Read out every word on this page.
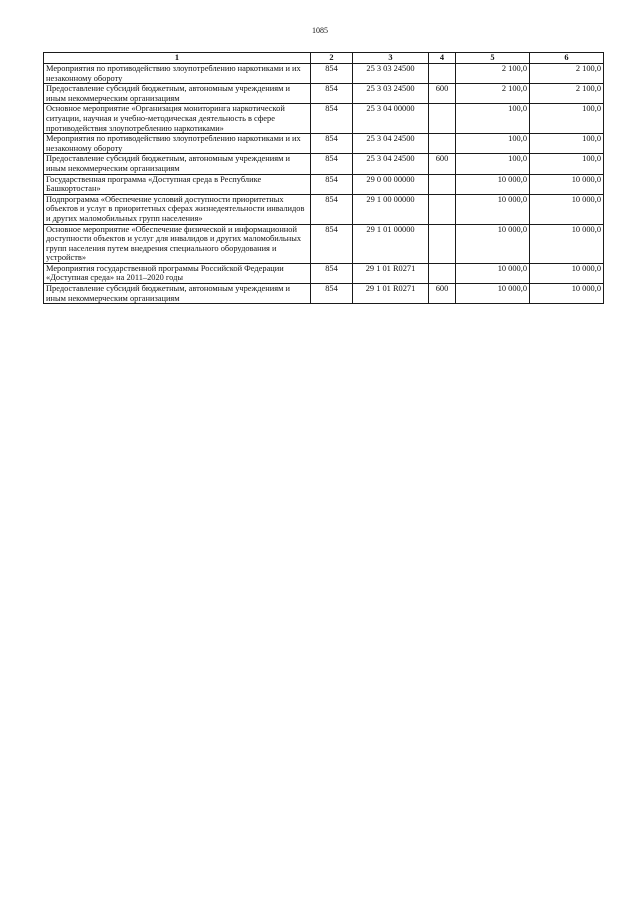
1085
1	2	3	4	5	6
Мероприятия по противодействию злоупотреблению наркотиками и их незаконному обороту	854	25 3 03 24500		2 100,0	2 100,0
Предоставление субсидий бюджетным, автономным учреждениям и иным некоммерческим организациям	854	25 3 03 24500	600	2 100,0	2 100,0
Основное мероприятие «Организация мониторинга наркотической ситуации, научная и учебно-методическая деятельность в сфере противодействия злоупотреблению наркотиками»	854	25 3 04 00000		100,0	100,0
Мероприятия по противодействию злоупотреблению наркотиками и их незаконному обороту	854	25 3 04 24500		100,0	100,0
Предоставление субсидий бюджетным, автономным учреждениям и иным некоммерческим организациям	854	25 3 04 24500	600	100,0	100,0
Государственная программа «Доступная среда в Республике Башкортостан»	854	29 0 00 00000		10 000,0	10 000,0
Подпрограмма «Обеспечение условий доступности приоритетных объектов и услуг в приоритетных сферах жизнедеятельности инвалидов и других маломобильных групп населения»	854	29 1 00 00000		10 000,0	10 000,0
Основное мероприятие «Обеспечение физической и информационной доступности объектов и услуг для инвалидов и других маломобильных групп населения путем внедрения специального оборудования и устройств»	854	29 1 01 00000		10 000,0	10 000,0
Мероприятия государственной программы Российской Федерации «Доступная среда» на 2011–2020 годы	854	29 1 01 R0271		10 000,0	10 000,0
Предоставление субсидий бюджетным, автономным учреждениям и иным некоммерческим организациям	854	29 1 01 R0271	600	10 000,0	10 000,0
